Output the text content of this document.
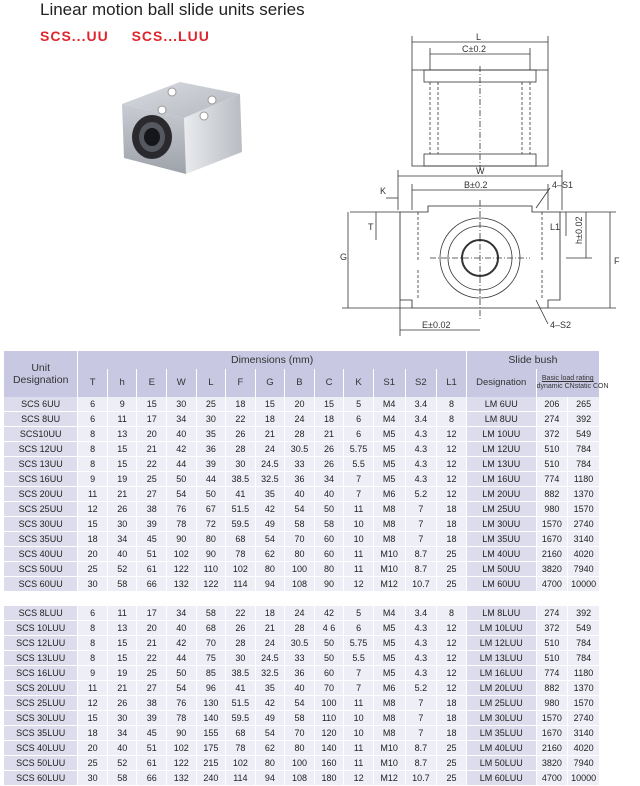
Linear motion ball slide units series
SCS...UU SCS...LUU	L
C±0.2
W
B±0.2
K
4–S1
T
G
L1 h±0.02
F
E±0.02	4–S2
Unit Designation	Dimensions (mm)													Slide bush		
	T	h	E	W	L	F	G	B	C	K	S1	S2	L1	Designation	Basic load rating
dynamic CN static CON	

SCS 6UU	6	9	15	30	25	18	15	20	15	5	M4	3.4	8	LM 6UU	206	265
SCS 8UU	6	11	17	34	30	22	18	24	18	6	M4	3.4	8	LM 8UU	274	392
SCS10UU	8	13	20	40	35	26	21	28	21	6	M5	4.3	12	LM 10UU	372	549
SCS 12UU	8	15	21	42	36	28	24	30.5	26	5.75	M5	4.3	12	LM 12UU	510	784
SCS 13UU	8	15	22	44	39	30	24.5	33	26	5.5	M5	4.3	12	LM 13UU	510	784
SCS 16UU	9	19	25	50	44	38.5	32.5	36	34	7	M5	4.3	12	LM 16UU	774	1180
SCS 20UU	11	21	27	54	50	41	35	40	40	7	M6	5.2	12	LM 20UU	882	1370
SCS 25UU	12	26	38	76	67	51.5	42	54	50	11	M8	7	18	LM 25UU	980	1570
SCS 30UU	15	30	39	78	72	59.5	49	58	58	10	M8	7	18	LM 30UU	1570	2740
SCS 35UU	18	34	45	90	80	68	54	70	60	10	M8	7	18	LM 35UU	1670	3140
SCS 40UU	20	40	51	102	90	78	62	80	60	11	M10	8.7	25	LM 40UU	2160	4020
SCS 50UU	25	52	61	122	110	102	80	100	80	11	M10	8.7	25	LM 50UU	3820	7940
SCS 60UU	30	58	66	132	122	114	94	108	90	12	M12	10.7	25	LM 60UU	4700	10000

SCS 8LUU	6	11	17	34	58	22	18	24	42	5	M4	3.4	8	LM 8LUU	274	392
SCS 10LUU	8	13	20	40	68	26	21	28	4 6	6	M5	4.3	12	LM 10LUU	372	549
SCS 12LUU	8	15	21	42	70	28	24	30.5	50	5.75	M5	4.3	12	LM 12LUU	510	784
SCS 13LUU	8	15	22	44	75	30	24.5	33	50	5.5	M5	4.3	12	LM 13LUU	510	784
SCS 16LUU	9	19	25	50	85	38.5	32.5	36	60	7	M5	4.3	12	LM 16LUU	774	1180
SCS 20LUU	11	21	27	54	96	41	35	40	70	7	M6	5.2	12	LM 20LUU	882	1370
SCS 25LUU	12	26	38	76	130	51.5	42	54	100	11	M8	7	18	LM 25LUU	980	1570
SCS 30LUU	15	30	39	78	140	59.5	49	58	110	10	M8	7	18	LM 30LUU	1570	2740
SCS 35LUU	18	34	45	90	155	68	54	70	120	10	M8	7	18	LM 35LUU	1670	3140
SCS 40LUU	20	40	51	102	175	78	62	80	140	11	M10	8.7	25	LM 40LUU	2160	4020
SCS 50LUU	25	52	61	122	215	102	80	100	160	11	M10	8.7	25	LM 50LUU	3820	7940
SCS 60LUU	30	58	66	132	240	114	94	108	180	12	M12	10.7	25	LM 60LUU	4700	10000
